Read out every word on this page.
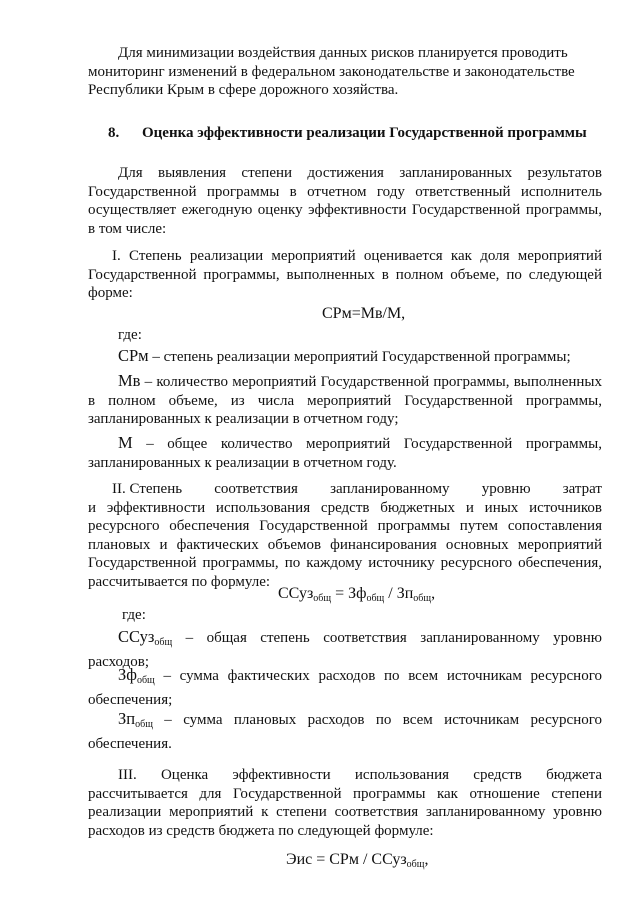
Для минимизации воздействия данных рисков планируется проводить
мониторинг изменений в федеральном законодательстве и законодательстве
Республики Крым в сфере дорожного хозяйства.
8. Оценка эффективности реализации Государственной программы

Для выявления степени достижения запланированных результатов Государственной программы в отчетном году ответственный исполнитель осуществляет ежегодную оценку эффективности Государственной программы, в том числе:

I. Степень реализации мероприятий оценивается как доля мероприятий Государственной программы, выполненных в полном объеме, по следующей форме:

СРм=Мв/М,
где:

СРм – степень реализации мероприятий Государственной программы;

Мв – количество мероприятий Государственной программы, выполненных в полном объеме, из числа мероприятий Государственной программы, запланированных к реализации в отчетном году;

М – общее количество мероприятий Государственной программы, запланированных к реализации в отчетном году.

II. Степень соответствия запланированному уровню затрат
и эффективности использования средств бюджетных и иных источников ресурсного обеспечения Государственной программы путем сопоставления плановых и фактических объемов финансирования основных мероприятий Государственной программы, по каждому источнику ресурсного обеспечения, рассчитывается по формуле:
ССуз$_{общ}$ = $Зф_{общ} / Зп_{общ}$,
где:

ССуз$_{общ}$ – общая степень соответствия запланированному уровню расходов;

$Зф_{общ}$ – сумма фактических расходов по всем источникам ресурсного обеспечения;

$Зп_{общ}$ – сумма плановых расходов по всем источникам ресурсного обеспечения.

III. Оценка эффективности использования средств бюджета рассчитывается для Государственной программы как отношение степени реализации мероприятий к степени соответствия запланированному уровню расходов из средств бюджета по следующей формуле:

Эис = СРм / ССуз$_{общ}$,
